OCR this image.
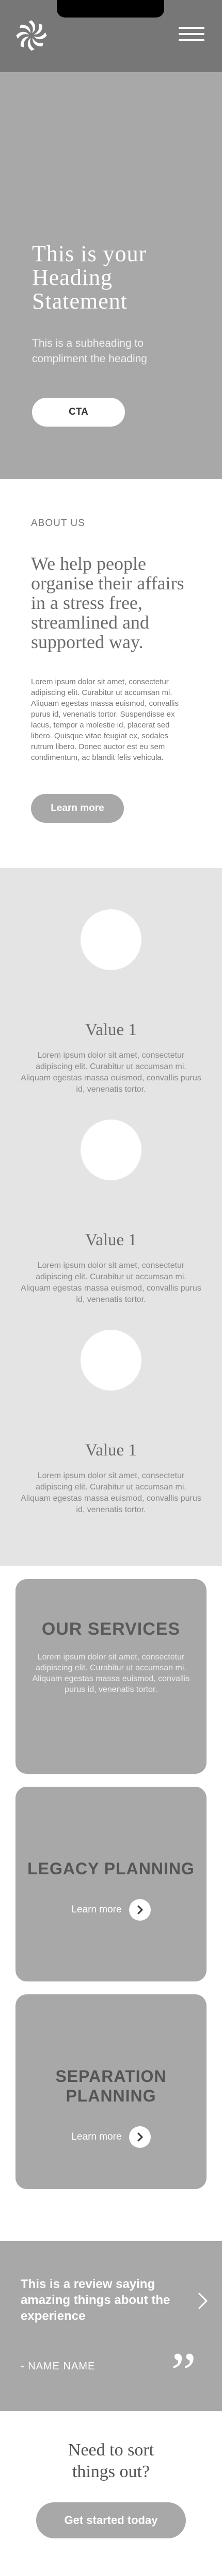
This is your Heading Statement

This is a subheading to compliment the heading

CTA
ABOUT US
We help people organise their affairs in a stress free, streamlined and supported way.

Lorem ipsum dolor sit amet, consectetur adipiscing elit. Curabitur ut accumsan mi. Aliquam egestas massa euismod, convallis purus id, venenatis tortor. Suspendisse ex lacus, tempor a molestie id, placerat sed libero. Quisque vitae feugiat ex, sodales rutrum libero. Donec auctor est eu sem condimentum, ac blandit felis vehicula.

Learn more
Value 1

Lorem ipsum dolor sit amet, consectetur adipiscing elit. Curabitur ut accumsan mi. Aliquam egestas massa euismod, convallis purus id, venenatis tortor.

Value 1

Lorem ipsum dolor sit amet, consectetur adipiscing elit. Curabitur ut accumsan mi. Aliquam egestas massa euismod, convallis purus id, venenatis tortor.

Value 1

Lorem ipsum dolor sit amet, consectetur adipiscing elit. Curabitur ut accumsan mi. Aliquam egestas massa euismod, convallis purus id, venenatis tortor.

OUR SERVICES

Lorem ipsum dolor sit amet, consectetur adipiscing elit. Curabitur ut accumsan mi. Aliquam egestas massa euismod, convallis purus id, venenatis tortor.

LEGACY PLANNING
Learn more
SEPARATION PLANNING
Learn more

This is a review saying amazing things about the experience

- NAME NAME ”
Need to sort things out?
Get started today
